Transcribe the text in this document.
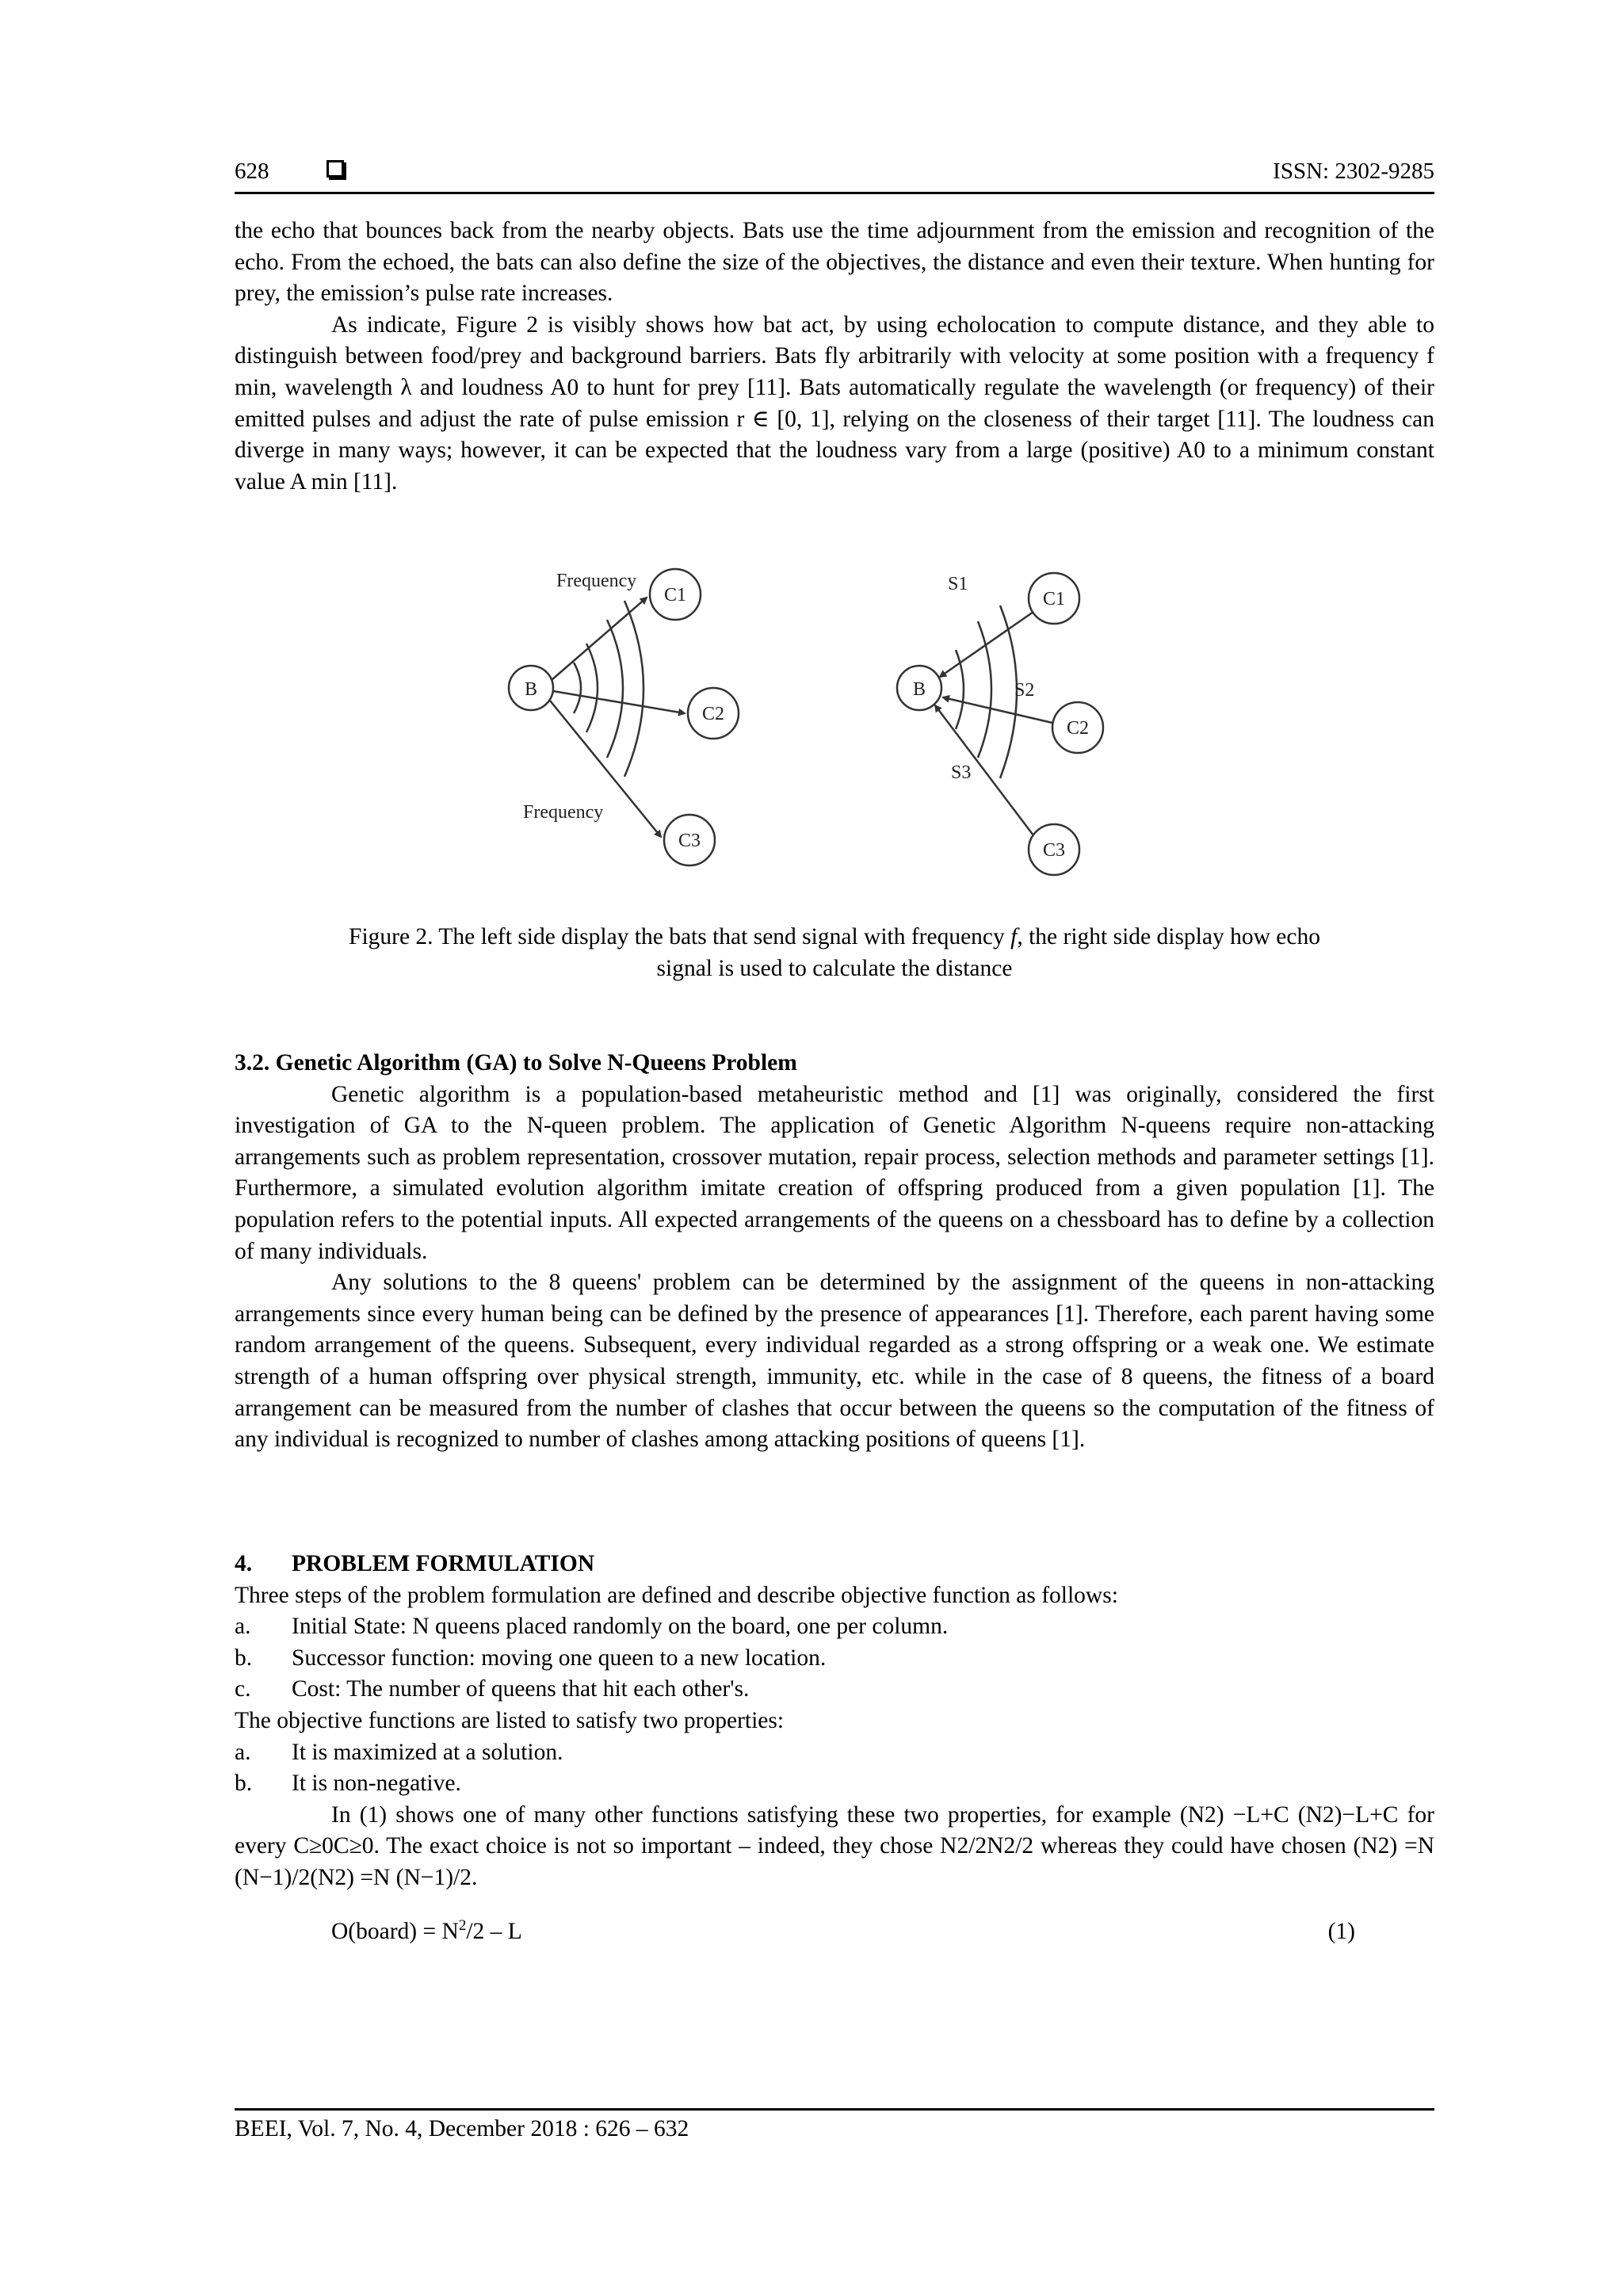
628	ISSN: 2302-9285

the echo that bounces back from the nearby objects. Bats use the time adjournment from the emission and recognition of the echo. From the echoed, the bats can also define the size of the objectives, the distance and even their texture. When hunting for prey, the emission’s pulse rate increases.

As indicate, Figure 2 is visibly shows how bat act, by using echolocation to compute distance, and they able to distinguish between food/prey and background barriers. Bats fly arbitrarily with velocity at some position with a frequency f min, wavelength λ and loudness A0 to hunt for prey [11]. Bats automatically regulate the wavelength (or frequency) of their emitted pulses and adjust the rate of pulse emission r ∈ [0, 1], relying on the closeness of their target [11]. The loudness can diverge in many ways; however, it can be expected that the loudness vary from a large (positive) A0 to a minimum constant value A min [11].

B
C1
C2
C3
Frequency
Frequency
B
C1
C2
C3
S1
S2
S3

Figure 2. The left side display the bats that send signal with frequency f, the right side display how echo

signal is used to calculate the distance

3.2. Genetic Algorithm (GA) to Solve N-Queens Problem

Genetic algorithm is a population-based metaheuristic method and [1] was originally, considered the first investigation of GA to the N-queen problem. The application of Genetic Algorithm N-queens require non-attacking arrangements such as problem representation, crossover mutation, repair process, selection methods and parameter settings [1]. Furthermore, a simulated evolution algorithm imitate creation of offspring produced from a given population [1]. The population refers to the potential inputs. All expected arrangements of the queens on a chessboard has to define by a collection of many individuals.

Any solutions to the 8 queens' problem can be determined by the assignment of the queens in non-attacking arrangements since every human being can be defined by the presence of appearances [1]. Therefore, each parent having some random arrangement of the queens. Subsequent, every individual regarded as a strong offspring or a weak one. We estimate strength of a human offspring over physical strength, immunity, etc. while in the case of 8 queens, the fitness of a board arrangement can be measured from the number of clashes that occur between the queens so the computation of the fitness of any individual is recognized to number of clashes among attacking positions of queens [1].

4. PROBLEM FORMULATION

Three steps of the problem formulation are defined and describe objective function as follows:

a. Initial State: N queens placed randomly on the board, one per column.

b. Successor function: moving one queen to a new location.

c. Cost: The number of queens that hit each other's.

The objective functions are listed to satisfy two properties:

a. It is maximized at a solution.

b. It is non-negative.

In (1) shows one of many other functions satisfying these two properties, for example (N2) −L+C (N2)−L+C for every C≥0C≥0. The exact choice is not so important – indeed, they chose N2/2N2/2 whereas they could have chosen (N2) =N (N−1)/2(N2) =N (N−1)/2.

O(board) = $N^2/2$ – L	(1)
BEEI, Vol. 7, No. 4, December 2018 : 626 – 632
